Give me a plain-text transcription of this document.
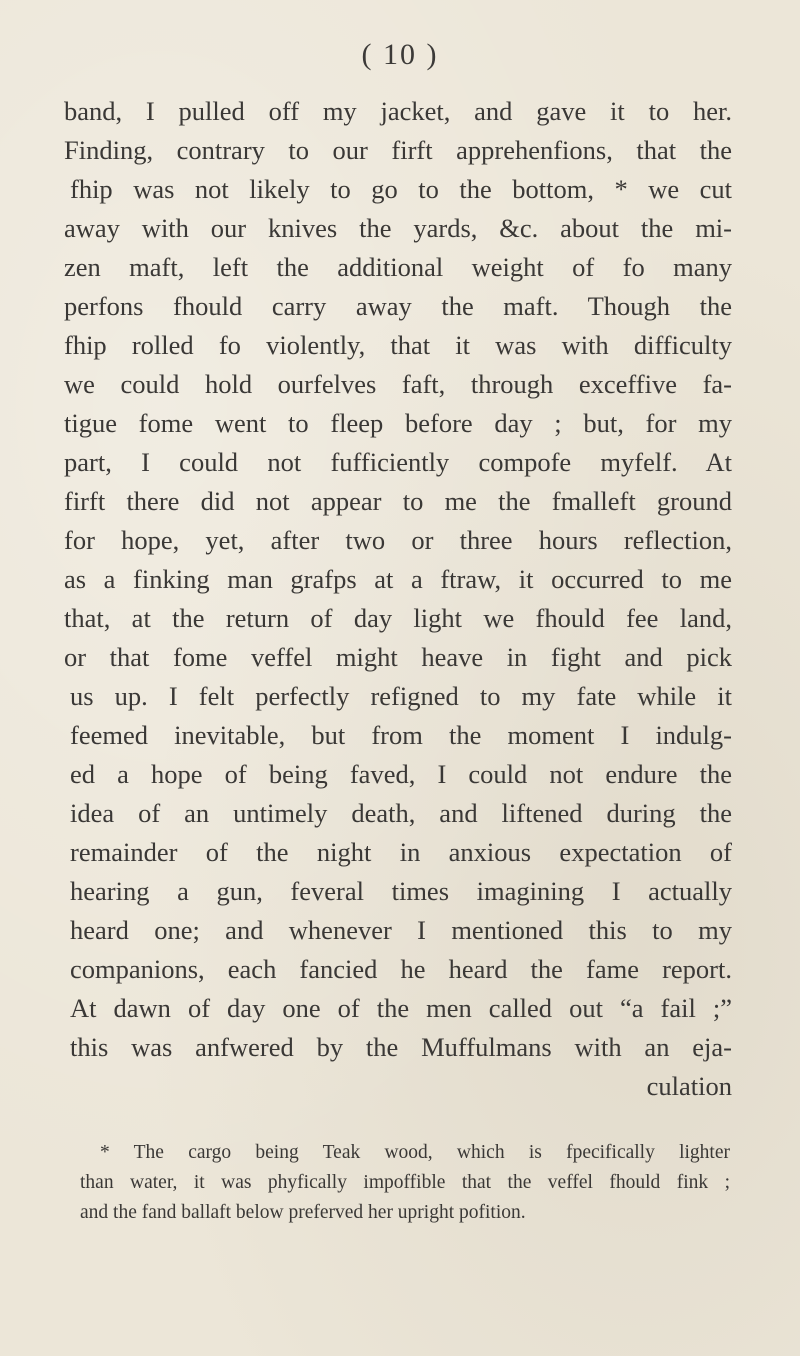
( 10 )
band, I pulled off my jacket, and gave it to her.
Finding, contrary to our firft apprehenfions, that the
fhip was not likely to go to the bottom, * we cut
away with our knives the yards, &c. about the mi-
zen maft, left the additional weight of fo many
perfons fhould carry away the maft. Though the
fhip rolled fo violently, that it was with difficulty
we could hold ourfelves faft, through exceffive fa-
tigue fome went to fleep before day ; but, for my
part, I could not fufficiently compofe myfelf. At
firft there did not appear to me the fmalleft ground
for hope, yet, after two or three hours reflection,
as a finking man grafps at a ftraw, it occurred to me
that, at the return of day light we fhould fee land,
or that fome veffel might heave in fight and pick
us up. I felt perfectly refigned to my fate while it
feemed inevitable, but from the moment I indulg-
ed a hope of being faved, I could not endure the
idea of an untimely death, and liftened during the
remainder of the night in anxious expectation of
hearing a gun, feveral times imagining I actually
heard one; and whenever I mentioned this to my
companions, each fancied he heard the fame report.
At dawn of day one of the men called out “a fail ;”
this was anfwered by the Muffulmans with an eja-
culation
* The cargo being Teak wood, which is fpecifically lighter
than water, it was phyfically impoffible that the veffel fhould fink ;
and the fand ballaft below preferved her upright pofition.
